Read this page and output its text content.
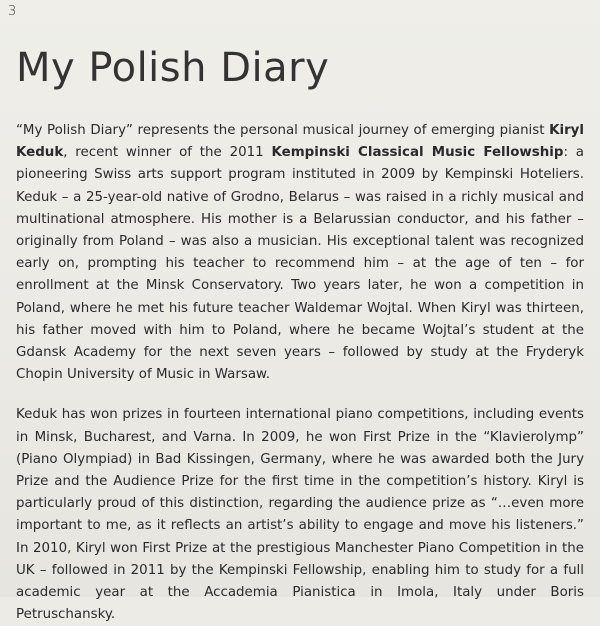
3
My Polish Diary

“My Polish Diary” represents the personal musical journey of emerging pianist Kiryl Keduk, recent winner of the 2011 Kempinski Classical Music Fellowship: a pioneering Swiss arts support program instituted in 2009 by Kempinski Hoteliers. Keduk – a 25-year-old native of Grodno, Belarus – was raised in a richly musical and multinational atmosphere. His mother is a Belarussian conductor, and his father – originally from Poland – was also a musician. His exceptional talent was recognized early on, prompting his teacher to recommend him – at the age of ten – for enrollment at the Minsk Conservatory. Two years later, he won a competition in Poland, where he met his future teacher Waldemar Wojtal. When Kiryl was thirteen, his father moved with him to Poland, where he became Wojtal’s student at the Gdansk Academy for the next seven years – followed by study at the Fryderyk Chopin University of Music in Warsaw.

Keduk has won prizes in fourteen international piano competitions, including events in Minsk, Bucharest, and Varna. In 2009, he won First Prize in the “Klavierolymp” (Piano Olympiad) in Bad Kissingen, Germany, where he was awarded both the Jury Prize and the Audience Prize for the first time in the competition’s history. Kiryl is particularly proud of this distinction, regarding the audience prize as “…even more important to me, as it reflects an artist’s ability to engage and move his listeners.” In 2010, Kiryl won First Prize at the prestigious Manchester Piano Competition in the UK – followed in 2011 by the Kempinski Fellowship, enabling him to study for a full academic year at the Accademia Pianistica in Imola, Italy under Boris Petruschansky.
